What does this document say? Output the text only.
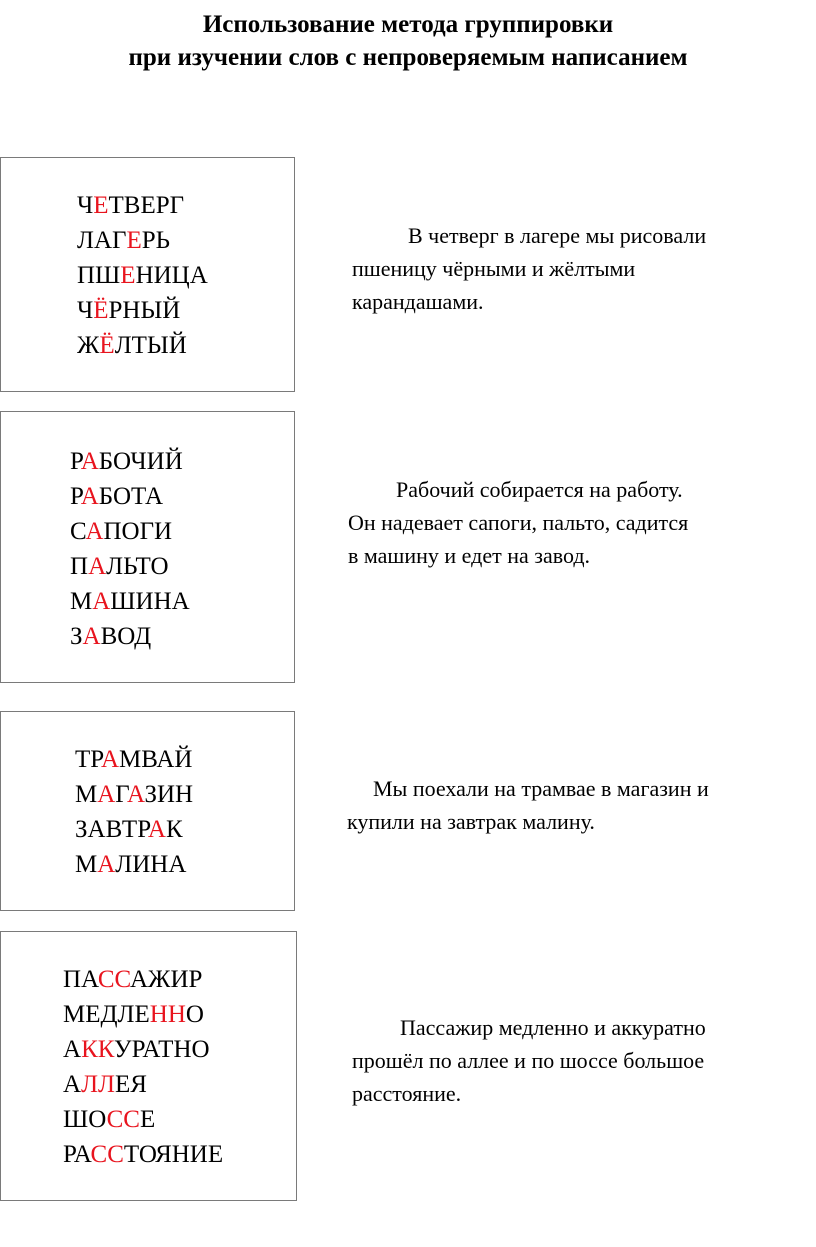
Использование метода группировки
при изучении слов с непроверяемым написанием
ЧЕТВЕРГ
ЛАГЕРЬ
ПШЕНИЦА
ЧЁРНЫЙ
ЖЁЛТЫЙ
В четверг в лагере мы рисовали
пшеницу чёрными и жёлтыми
карандашами.
РАБОЧИЙ
РАБОТА
САПОГИ
ПАЛЬТО
МАШИНА
ЗАВОД
Рабочий собирается на работу.
Он надевает сапоги, пальто, садится
в машину и едет на завод.
ТРАМВАЙ
МАГАЗИН
ЗАВТРАК
МАЛИНА
Мы поехали на трамвае в магазин и
купили на завтрак малину.
ПАССАЖИР
МЕДЛЕННО
АККУРАТНО
АЛЛЕЯ
ШОССЕ
РАССТОЯНИЕ
Пассажир медленно и аккуратно
прошёл по аллее и по шоссе большое
расстояние.
